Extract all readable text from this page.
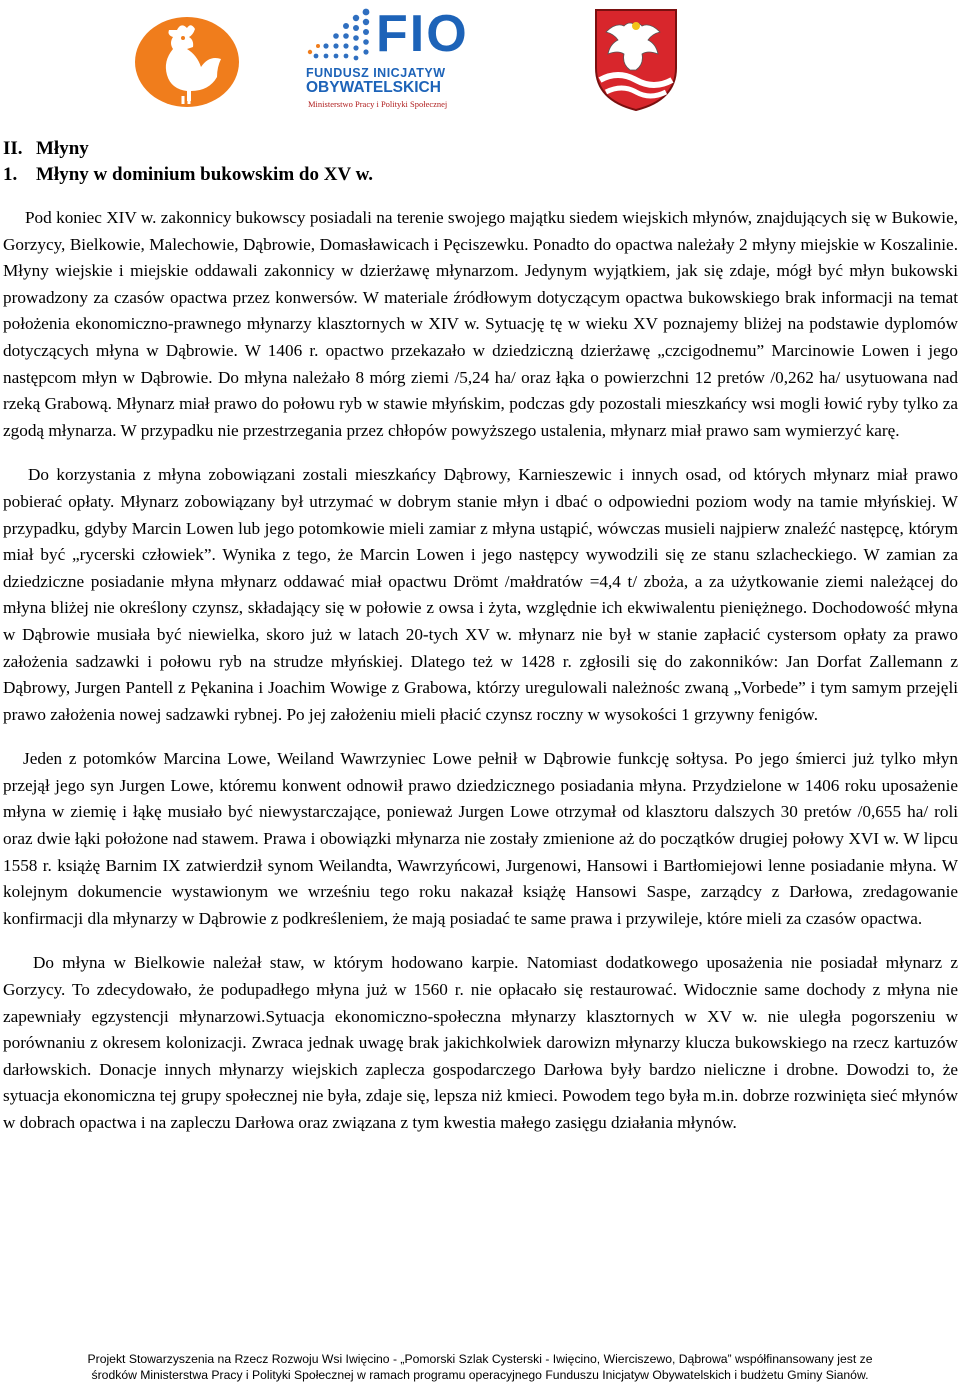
FIO
FUNDUSZ INICJATYW
OBYWATELSKICH
Ministerstwo Pracy i Polityki Społecznej
II. Młyny
1. Młyny w dominium bukowskim do XV w.

Pod koniec XIV w. zakonnicy bukowscy posiadali na terenie swojego majątku siedem wiejskich młynów, znajdujących się w Bukowie, Gorzycy, Bielkowie, Malechowie, Dąbrowie, Domasławicach i Pęciszewku. Ponadto do opactwa należały 2 młyny miejskie w Koszalinie. Młyny wiejskie i miejskie oddawali zakonnicy w dzierżawę młynarzom. Jedynym wyjątkiem, jak się zdaje, mógł być młyn bukowski prowadzony za czasów opactwa przez konwersów. W materiale źródłowym dotyczącym opactwa bukowskiego brak informacji na temat położenia ekonomiczno-prawnego młynarzy klasztornych w XIV w. Sytuację tę w wieku XV poznajemy bliżej na podstawie dyplomów dotyczących młyna w Dąbrowie. W 1406 r. opactwo przekazało w dziedziczną dzierżawę „czcigodnemu” Marcinowie Lowen i jego następcom młyn w Dąbrowie. Do młyna należało 8 mórg ziemi /5,24 ha/ oraz łąka o powierzchni 12 pretów /0,262 ha/ usytuowana nad rzeką Grabową. Młynarz miał prawo do połowu ryb w stawie młyńskim, podczas gdy pozostali mieszkańcy wsi mogli łowić ryby tylko za zgodą młynarza. W przypadku nie przestrzegania przez chłopów powyższego ustalenia, młynarz miał prawo sam wymierzyć karę.

Do korzystania z młyna zobowiązani zostali mieszkańcy Dąbrowy, Karnieszewic i innych osad, od których młynarz miał prawo pobierać opłaty. Młynarz zobowiązany był utrzymać w dobrym stanie młyn i dbać o odpowiedni poziom wody na tamie młyńskiej. W przypadku, gdyby Marcin Lowen lub jego potomkowie mieli zamiar z młyna ustąpić, wówczas musieli najpierw znaleźć następcę, którym miał być „rycerski człowiek”. Wynika z tego, że Marcin Lowen i jego następcy wywodzili się ze stanu szlacheckiego. W zamian za dziedziczne posiadanie młyna młynarz oddawać miał opactwu Drömt /małdratów =4,4 t/ zboża, a za użytkowanie ziemi należącej do młyna bliżej nie określony czynsz, składający się w połowie z owsa i żyta, względnie ich ekwiwalentu pieniężnego. Dochodowość młyna w Dąbrowie musiała być niewielka, skoro już w latach 20-tych XV w. młynarz nie był w stanie zapłacić cystersom opłaty za prawo założenia sadzawki i połowu ryb na strudze młyńskiej. Dlatego też w 1428 r. zgłosili się do zakonników: Jan Dorfat Zallemann z Dąbrowy, Jurgen Pantell z Pękanina i Joachim Wowige z Grabowa, którzy uregulowali należnośc zwaną „Vorbede” i tym samym przejęli prawo założenia nowej sadzawki rybnej. Po jej założeniu mieli płacić czynsz roczny w wysokości 1 grzywny fenigów.

Jeden z potomków Marcina Lowe, Weiland Wawrzyniec Lowe pełnił w Dąbrowie funkcję sołtysa. Po jego śmierci już tylko młyn przejął jego syn Jurgen Lowe, któremu konwent odnowił prawo dziedzicznego posiadania młyna. Przydzielone w 1406 roku uposażenie młyna w ziemię i łąkę musiało być niewystarczające, ponieważ Jurgen Lowe otrzymał od klasztoru dalszych 30 pretów /0,655 ha/ roli oraz dwie łąki położone nad stawem. Prawa i obowiązki młynarza nie zostały zmienione aż do początków drugiej połowy XVI w. W lipcu 1558 r. książę Barnim IX zatwierdził synom Weilandta, Wawrzyńcowi, Jurgenowi, Hansowi i Bartłomiejowi lenne posiadanie młyna. W kolejnym dokumencie wystawionym we wrześniu tego roku nakazał książę Hansowi Saspe, zarządcy z Darłowa, zredagowanie konfirmacji dla młynarzy w Dąbrowie z podkreśleniem, że mają posiadać te same prawa i przywileje, które mieli za czasów opactwa.

Do młyna w Bielkowie należał staw, w którym hodowano karpie. Natomiast dodatkowego uposażenia nie posiadał młynarz z Gorzycy. To zdecydowało, że podupadłego młyna już w 1560 r. nie opłacało się restaurować. Widocznie same dochody z młyna nie zapewniały egzystencji młynarzowi.Sytuacja ekonomiczno-społeczna młynarzy klasztornych w XV w. nie uległa pogorszeniu w porównaniu z okresem kolonizacji. Zwraca jednak uwagę brak jakichkolwiek darowizn młynarzy klucza bukowskiego na rzecz kartuzów darłowskich. Donacje innych młynarzy wiejskich zaplecza gospodarczego Darłowa były bardzo nieliczne i drobne. Dowodzi to, że sytuacja ekonomiczna tej grupy społecznej nie była, zdaje się, lepsza niż kmieci. Powodem tego była m.in. dobrze rozwinięta sieć młynów w dobrach opactwa i na zapleczu Darłowa oraz związana z tym kwestia małego zasięgu działania młynów.

Projekt Stowarzyszenia na Rzecz Rozwoju Wsi Iwięcino - „Pomorski Szlak Cysterski - Iwięcino, Wierciszewo, Dąbrowa” współfinansowany jest ze
środków Ministerstwa Pracy i Polityki Społecznej w ramach programu operacyjnego Funduszu Inicjatyw Obywatelskich i budżetu Gminy Sianów.
